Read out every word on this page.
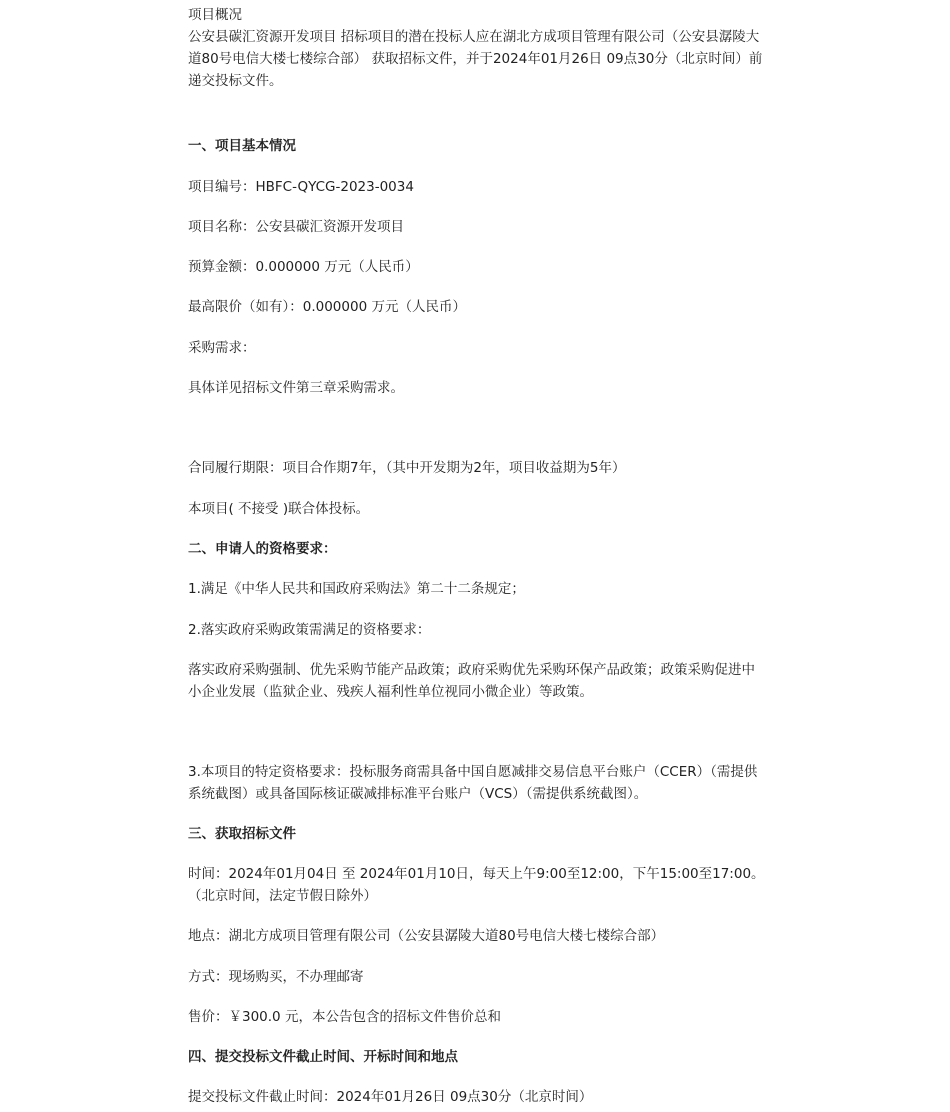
项目概况

公安县碳汇资源开发项目 招标项目的潜在投标人应在湖北方成项目管理有限公司（公安县潺陵大道80号电信大楼七楼综合部） 获取招标文件，并于2024年01月26日 09点30分（北京时间）前递交投标文件。

一、项目基本情况

项目编号：HBFC-QYCG-2023-0034

项目名称：公安县碳汇资源开发项目

预算金额：0.000000 万元（人民币）

最高限价（如有）：0.000000 万元（人民币）

采购需求：

具体详见招标文件第三章采购需求。

合同履行期限：项目合作期7年，（其中开发期为2年，项目收益期为5年）

本项目( 不接受 )联合体投标。

二、申请人的资格要求：

1.满足《中华人民共和国政府采购法》第二十二条规定；

2.落实政府采购政策需满足的资格要求：

落实政府采购强制、优先采购节能产品政策；政府采购优先采购环保产品政策；政策采购促进中小企业发展（监狱企业、残疾人福利性单位视同小微企业）等政策。

3.本项目的特定资格要求：投标服务商需具备中国自愿减排交易信息平台账户（CCER）（需提供系统截图）或具备国际核证碳减排标准平台账户（VCS）（需提供系统截图）。

三、获取招标文件

时间：2024年01月04日 至 2024年01月10日，每天上午9:00至12:00，下午15:00至17:00。（北京时间，法定节假日除外）

地点：湖北方成项目管理有限公司（公安县潺陵大道80号电信大楼七楼综合部）

方式：现场购买，不办理邮寄

售价：￥300.0 元，本公告包含的招标文件售价总和

四、提交投标文件截止时间、开标时间和地点

提交投标文件截止时间：2024年01月26日 09点30分（北京时间）
